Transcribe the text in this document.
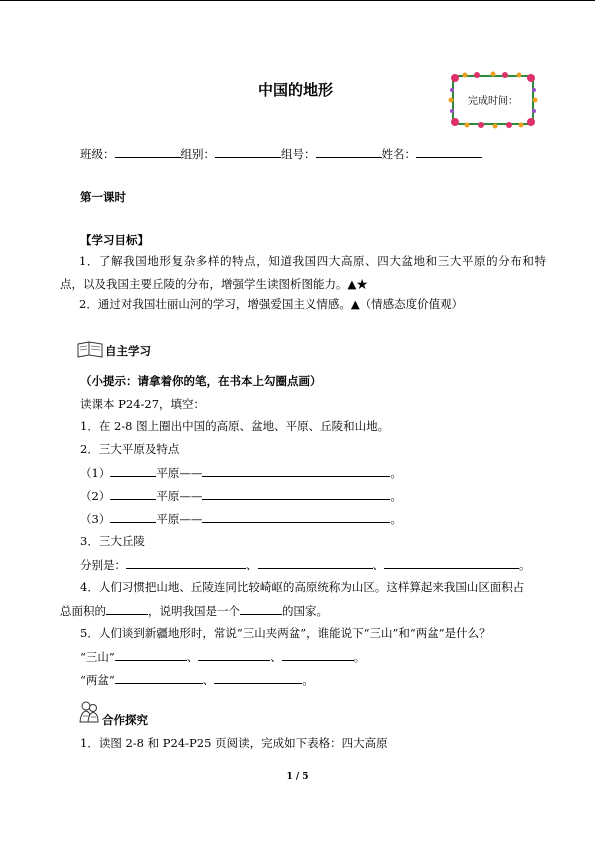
中国的地形
完成时间：
班级：	组别：	组号：	姓名：
第一课时
【学习目标】
1．了解我国地形复杂多样的特点，知道我国四大高原、四大盆地和三大平原的分布和特点，以及我国主要丘陵的分布，增强学生读图析图能力。▲★
2．通过对我国壮丽山河的学习，增强爱国主义情感。▲（情感态度价值观）
自主学习
（小提示：请拿着你的笔，在书本上勾圈点画）
读课本 P24-27，填空：
1．在 2-8 图上圈出中国的高原、盆地、平原、丘陵和山地。
2．三大平原及特点
（1）	平原——	。
（2）	平原——	。
（3）	平原——	。
3．三大丘陵
分别是：	、	、	。
4．人们习惯把山地、丘陵连同比较崎岖的高原统称为山区。这样算起来我国山区面积占
总面积的	，说明我国是一个	的国家。
5．人们谈到新疆地形时，常说“三山夹两盆”，谁能说下“三山”和“两盆”是什么？
“三山”	、	、	。
“两盆”	、	。
合作探究
1．读图 2-8 和 P24-P25 页阅读，完成如下表格：四大高原
1 / 5
